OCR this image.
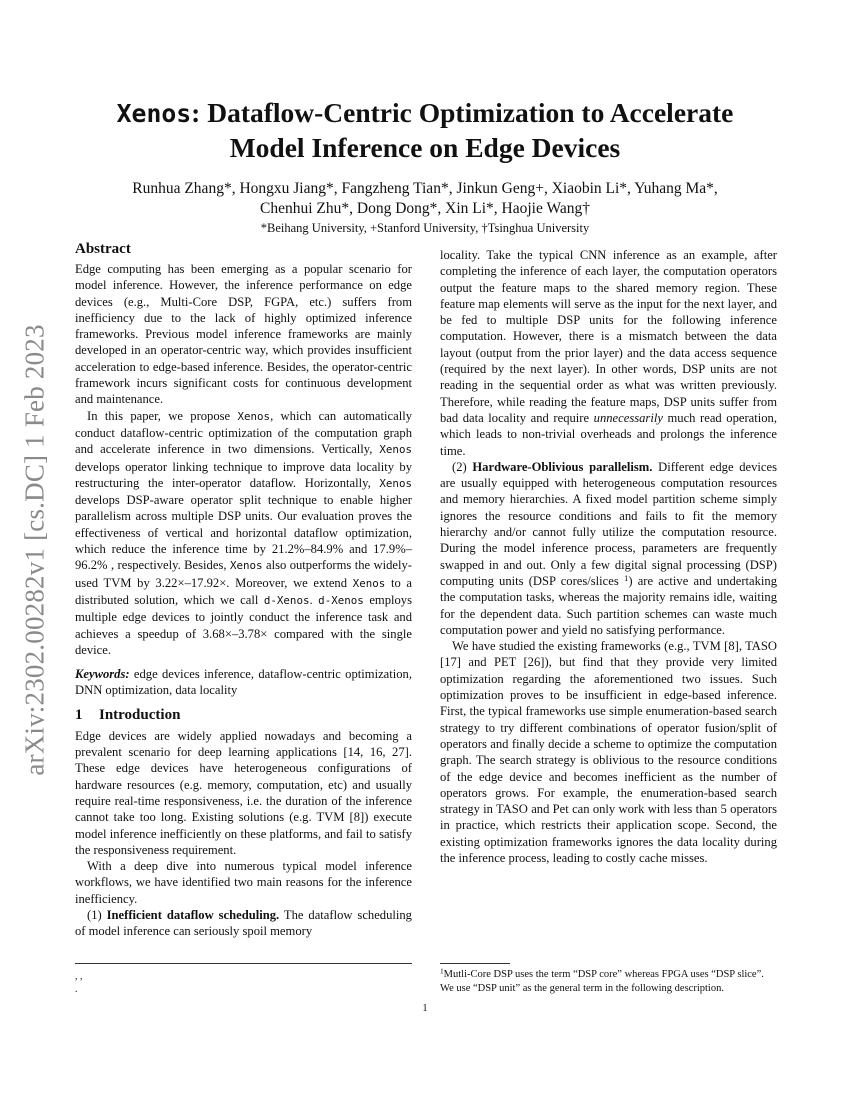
arXiv:2302.00282v1 [cs.DC] 1 Feb 2023
Xenos: Dataflow-Centric Optimization to Accelerate Model Inference on Edge Devices
Runhua Zhang*, Hongxu Jiang*, Fangzheng Tian*, Jinkun Geng+, Xiaobin Li*, Yuhang Ma*,
Chenhui Zhu*, Dong Dong*, Xin Li*, Haojie Wang†
*Beihang University, +Stanford University, †Tsinghua University
Abstract

Edge computing has been emerging as a popular scenario for model inference. However, the inference performance on edge devices (e.g., Multi-Core DSP, FGPA, etc.) suffers from inefficiency due to the lack of highly optimized inference frameworks. Previous model inference frameworks are mainly developed in an operator-centric way, which provides insufficient acceleration to edge-based inference. Besides, the operator-centric framework incurs significant costs for continuous development and maintenance.

In this paper, we propose Xenos, which can automatically conduct dataflow-centric optimization of the computation graph and accelerate inference in two dimensions. Vertically, Xenos develops operator linking technique to improve data locality by restructuring the inter-operator dataflow. Horizontally, Xenos develops DSP-aware operator split technique to enable higher parallelism across multiple DSP units. Our evaluation proves the effectiveness of vertical and horizontal dataflow optimization, which reduce the inference time by 21.2%–84.9% and 17.9%–96.2% , respectively. Besides, Xenos also outperforms the widely-used TVM by 3.22×–17.92×. Moreover, we extend Xenos to a distributed solution, which we call d-Xenos. d-Xenos employs multiple edge devices to jointly conduct the inference task and achieves a speedup of 3.68×–3.78× compared with the single device.

Keywords: edge devices inference, dataflow-centric optimization, DNN optimization, data locality

1 Introduction

Edge devices are widely applied nowadays and becoming a prevalent scenario for deep learning applications [14, 16, 27]. These edge devices have heterogeneous configurations of hardware resources (e.g. memory, computation, etc) and usually require real-time responsiveness, i.e. the duration of the inference cannot take too long. Existing solutions (e.g. TVM [8]) execute model inference inefficiently on these platforms, and fail to satisfy the responsiveness requirement.

With a deep dive into numerous typical model inference workflows, we have identified two main reasons for the inference inefficiency.

(1) Inefficient dataflow scheduling. The dataflow scheduling of model inference can seriously spoil memory

locality. Take the typical CNN inference as an example, after completing the inference of each layer, the computation operators output the feature maps to the shared memory region. These feature map elements will serve as the input for the next layer, and be fed to multiple DSP units for the following inference computation. However, there is a mismatch between the data layout (output from the prior layer) and the data access sequence (required by the next layer). In other words, DSP units are not reading in the sequential order as what was written previously. Therefore, while reading the feature maps, DSP units suffer from bad data locality and require unnecessarily much read operation, which leads to non-trivial overheads and prolongs the inference time.

(2) Hardware-Oblivious parallelism. Different edge devices are usually equipped with heterogeneous computation resources and memory hierarchies. A fixed model partition scheme simply ignores the resource conditions and fails to fit the memory hierarchy and/or cannot fully utilize the computation resource. During the model inference process, parameters are frequently swapped in and out. Only a few digital signal processing (DSP) computing units (DSP cores/slices $^1$) are active and undertaking the computation tasks, whereas the majority remains idle, waiting for the dependent data. Such partition schemes can waste much computation power and yield no satisfying performance.

We have studied the existing frameworks (e.g., TVM [8], TASO [17] and PET [26]), but find that they provide very limited optimization regarding the aforementioned two issues. Such optimization proves to be insufficient in edge-based inference. First, the typical frameworks use simple enumeration-based search strategy to try different combinations of operator fusion/split of operators and finally decide a scheme to optimize the computation graph. The search strategy is oblivious to the resource conditions of the edge device and becomes inefficient as the number of operators grows. For example, the enumeration-based search strategy in TASO and Pet can only work with less than 5 operators in practice, which restricts their application scope. Second, the existing optimization frameworks ignores the data locality during the inference process, leading to costly cache misses.

, ,
.
$^1$Mutli-Core DSP uses the term “DSP core” whereas FPGA uses “DSP slice”. We use “DSP unit” as the general term in the following description.
1
